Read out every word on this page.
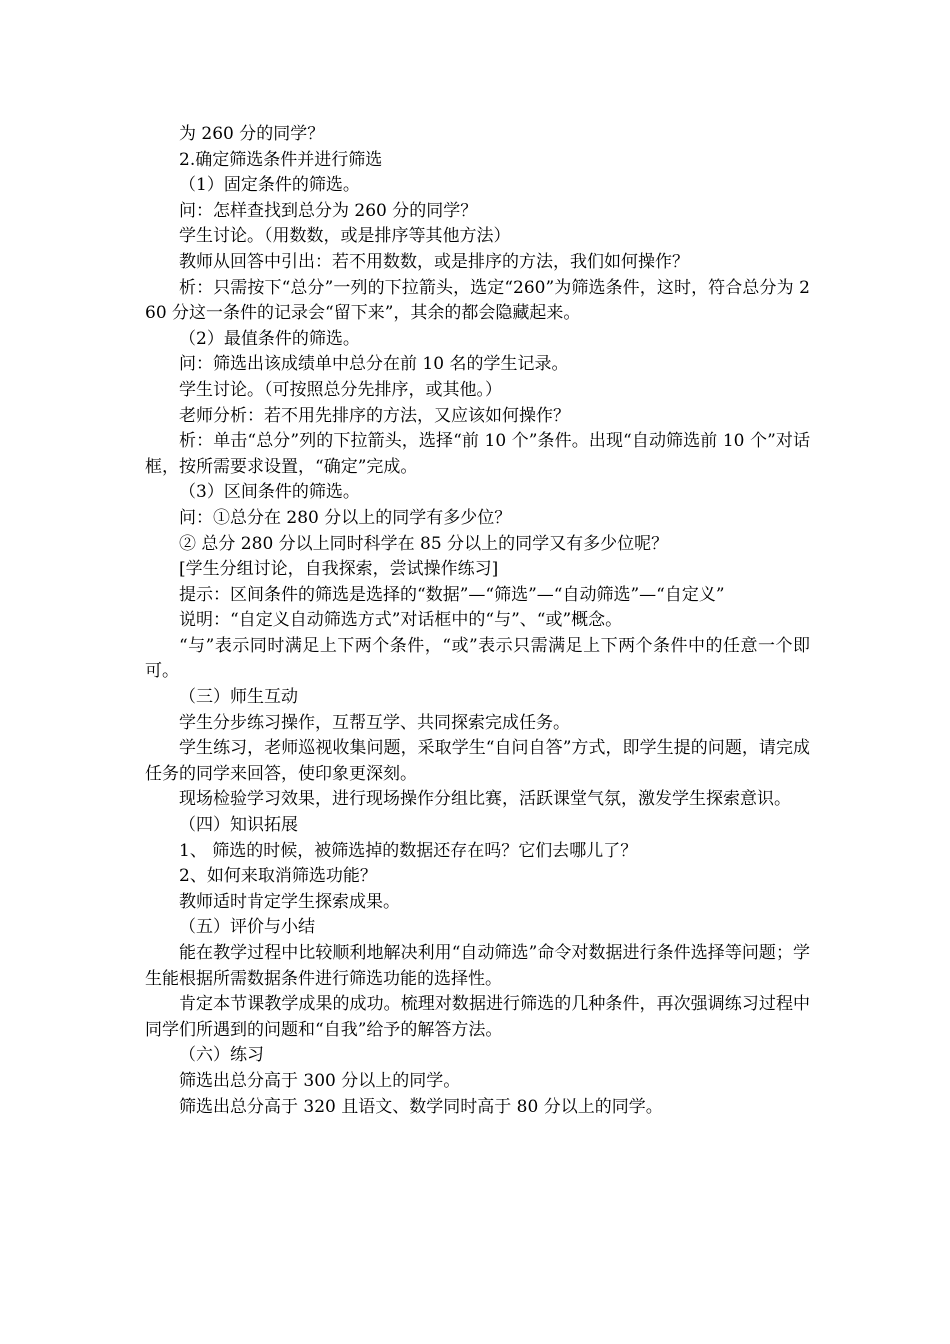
为 260 分的同学？

2.确定筛选条件并进行筛选

（1）固定条件的筛选。

问：怎样查找到总分为 260 分的同学？

学生讨论。（用数数，或是排序等其他方法）

教师从回答中引出：若不用数数，或是排序的方法，我们如何操作？

析：只需按下“总分”一列的下拉箭头，选定“260”为筛选条件，这时，符合总分为 260 分这一条件的记录会“留下来”，其余的都会隐藏起来。

（2）最值条件的筛选。

问：筛选出该成绩单中总分在前 10 名的学生记录。

学生讨论。（可按照总分先排序，或其他。）

老师分析：若不用先排序的方法，又应该如何操作？

析：单击“总分”列的下拉箭头，选择“前 10 个”条件。出现“自动筛选前 10 个”对话框，按所需要求设置，“确定”完成。

（3）区间条件的筛选。

问：①总分在 280 分以上的同学有多少位？

② 总分 280 分以上同时科学在 85 分以上的同学又有多少位呢？

[学生分组讨论，自我探索，尝试操作练习]

提示：区间条件的筛选是选择的“数据”—“筛选”—“自动筛选”—“自定义”

说明：“自定义自动筛选方式”对话框中的“与”、“或”概念。

“与”表示同时满足上下两个条件，“或”表示只需满足上下两个条件中的任意一个即可。

（三）师生互动

学生分步练习操作，互帮互学、共同探索完成任务。

学生练习，老师巡视收集问题，采取学生“自问自答”方式，即学生提的问题，请完成任务的同学来回答，使印象更深刻。

现场检验学习效果，进行现场操作分组比赛，活跃课堂气氛，激发学生探索意识。

（四）知识拓展

1、 筛选的时候，被筛选掉的数据还存在吗？它们去哪儿了？

2、如何来取消筛选功能？

教师适时肯定学生探索成果。

（五）评价与小结

能在教学过程中比较顺利地解决利用“自动筛选”命令对数据进行条件选择等问题；学生能根据所需数据条件进行筛选功能的选择性。

肯定本节课教学成果的成功。梳理对数据进行筛选的几种条件，再次强调练习过程中同学们所遇到的问题和“自我”给予的解答方法。

（六）练习

筛选出总分高于 300 分以上的同学。

筛选出总分高于 320 且语文、数学同时高于 80 分以上的同学。
